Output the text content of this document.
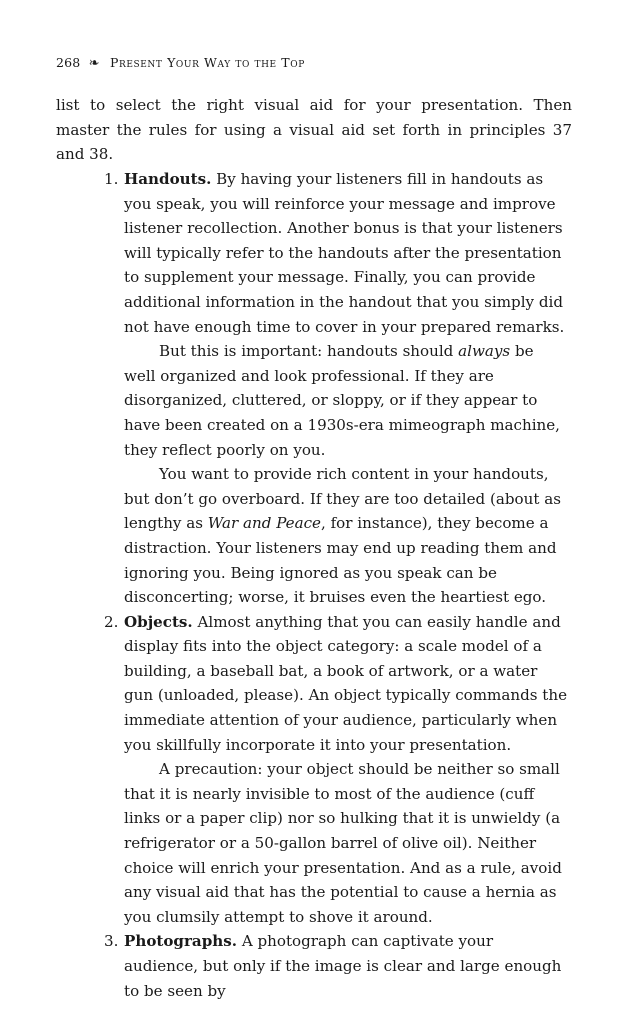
268 ❧ Present Your Way to the Top

list to select the right visual aid for your presentation. Then master the rules for using a visual aid set forth in principles 37 and 38.

1. Handouts. By having your listeners fill in handouts as you speak, you will reinforce your message and improve listener recollection. Another bonus is that your listeners will typically refer to the handouts after the presentation to supplement your message. Finally, you can provide additional information in the handout that you simply did not have enough time to cover in your prepared remarks.

But this is important: handouts should always be well organized and look professional. If they are disorganized, cluttered, or sloppy, or if they appear to have been created on a 1930s-era mimeograph machine, they reflect poorly on you.

You want to provide rich content in your handouts, but don’t go overboard. If they are too detailed (about as lengthy as War and Peace, for instance), they become a distraction. Your listeners may end up reading them and ignoring you. Being ignored as you speak can be disconcerting; worse, it bruises even the heartiest ego.

2. Objects. Almost anything that you can easily handle and display fits into the object category: a scale model of a building, a baseball bat, a book of artwork, or a water gun (unloaded, please). An object typically commands the immediate attention of your audience, particularly when you skillfully incorporate it into your presentation.

A precaution: your object should be neither so small that it is nearly invisible to most of the audience (cuff links or a paper clip) nor so hulking that it is unwieldy (a refrigerator or a 50-gallon barrel of olive oil). Neither choice will enrich your presentation. And as a rule, avoid any visual aid that has the potential to cause a hernia as you clumsily attempt to shove it around.

3. Photographs. A photograph can captivate your audience, but only if the image is clear and large enough to be seen by
